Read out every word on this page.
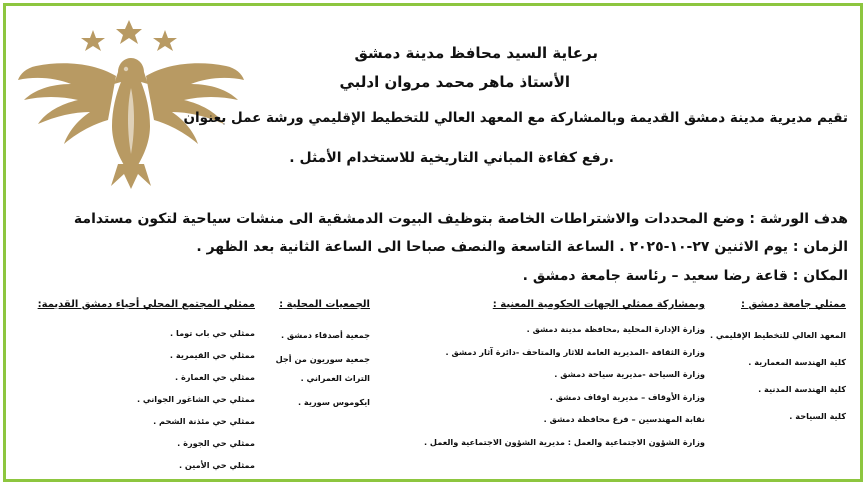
برعاية السيد محافظ مدينة دمشق
الأستاذ ماهر محمد مروان ادلبي
تقيم مديرية مدينة دمشق القديمة وبالمشاركة مع المعهد العالي للتخطيط الإقليمي ورشة عمل بعنوان
.رفع كفاءة المباني التاريخية للاستخدام الأمثل .
هدف الورشة : وضع المحددات والاشتراطات الخاصة بتوظيف البيوت الدمشقية الى منشات سياحية لتكون مستدامة
الزمان : يوم الاثنين ٢٧-١٠-٢٠٢٥ . الساعة التاسعة والنصف صباحا الى الساعة الثانية بعد الظهر .
المكان : قاعة رضا سعيد – رئاسة جامعة دمشق .
ممثلي جامعة دمشق :
المعهد العالي للتخطيط الإقليمي .
كلية الهندسة المعمارية .
كلية الهندسة المدنية .
كلية السياحة .
وبمشاركة ممثلي الجهات الحكومية المعنية :
وزارة الإدارة المحلية ,محافظة مدينة دمشق .
وزارة الثقافة -المديرية العامة للاثار والمتاحف -دائرة آثار دمشق .
وزارة السياحة -مديرية سياحة دمشق .
وزارة الأوقاف – مديرية اوقاف دمشق .
نقابة المهندسين – فرع محافظة دمشق .
وزارة الشؤون الاجتماعية والعمل : مديرية الشؤون الاجتماعية والعمل .
الجمعيات المحلية :
جمعية أصدقاء دمشق .
جمعية سوريون من أجل التراث العمراني .
ايكوموس سورية .
ممثلي المجتمع المحلي أحياء دمشق القديمة:
ممثلي حي باب توما .
ممثلي حي القيمرية .
ممثلي حي العمارة .
ممثلي حي الشاغور الجواني .
ممثلي حي مئذنة الشحم .
ممثلي حي الجورة .
ممثلي حي الأمين .
